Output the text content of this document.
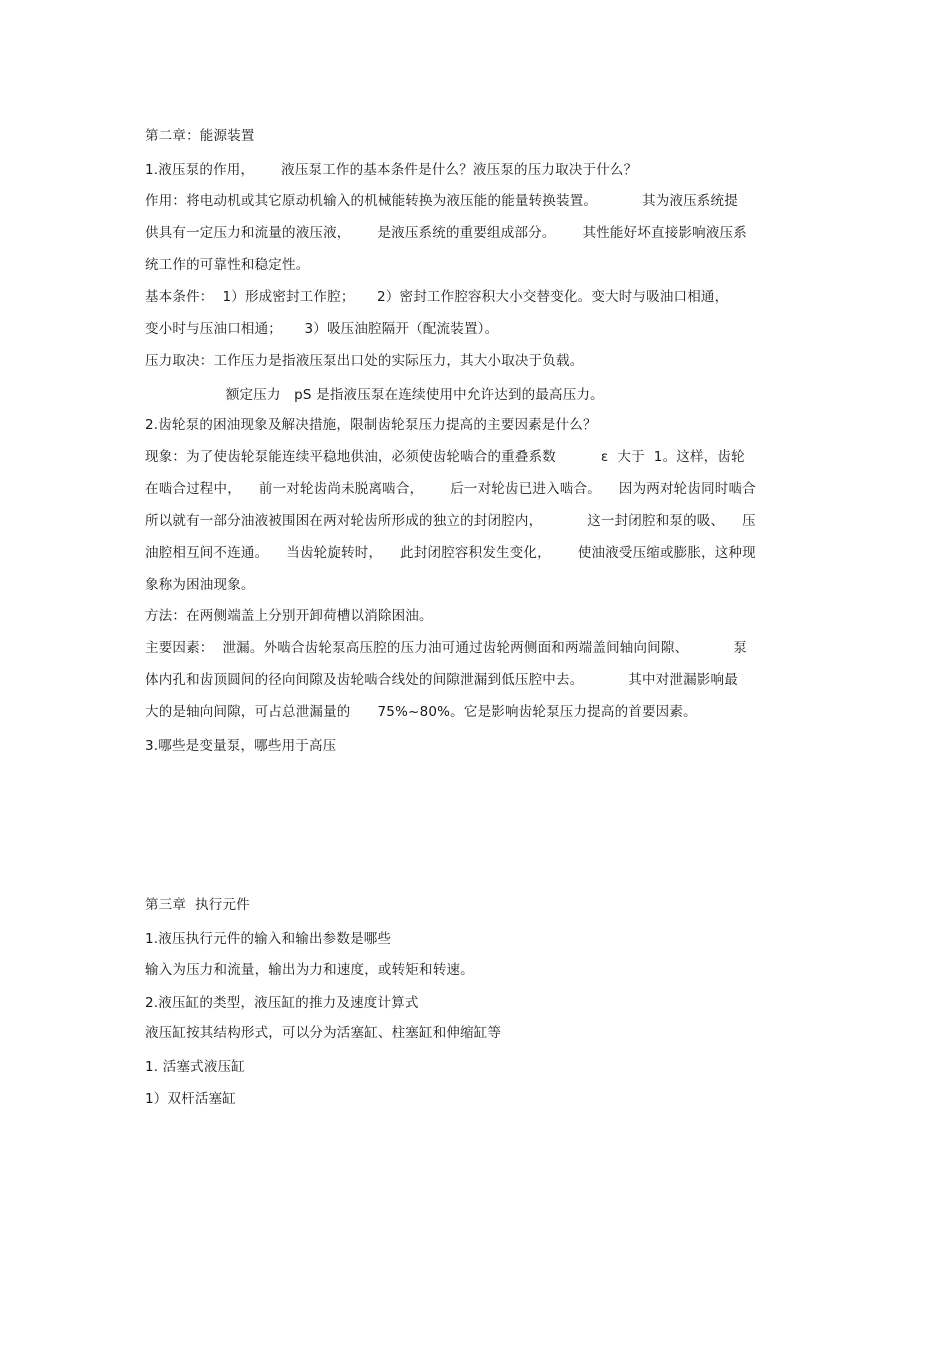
第二章：能源装置
1.液压泵的作用，      液压泵工作的基本条件是什么？液压泵的压力取决于什么？
作用：将电动机或其它原动机输入的机械能转换为液压能的能量转换装置。          其为液压系统提
供具有一定压力和流量的液压液，      是液压系统的重要组成部分。      其性能好坏直接影响液压系
统工作的可靠性和稳定性。
基本条件：  1）形成密封工作腔；     2）密封工作腔容积大小交替变化。变大时与吸油口相通，
变小时与压油口相通；     3）吸压油腔隔开（配流装置）。
压力取决：工作压力是指液压泵出口处的实际压力，其大小取决于负载。
额定压力   pS 是指液压泵在连续使用中允许达到的最高压力。
2.齿轮泵的困油现象及解决措施，限制齿轮泵压力提高的主要因素是什么？
现象：为了使齿轮泵能连续平稳地供油，必须使齿轮啮合的重叠系数          ε  大于  1。这样，齿轮
在啮合过程中，    前一对轮齿尚未脱离啮合，      后一对轮齿已进入啮合。    因为两对轮齿同时啮合
所以就有一部分油液被围困在两对轮齿所形成的独立的封闭腔内，          这一封闭腔和泵的吸、    压
油腔相互间不连通。    当齿轮旋转时，    此封闭腔容积发生变化，      使油液受压缩或膨胀，这种现
象称为困油现象。
方法：在两侧端盖上分别开卸荷槽以消除困油。
主要因素：  泄漏。外啮合齿轮泵高压腔的压力油可通过齿轮两侧面和两端盖间轴向间隙、          泵
体内孔和齿顶圆间的径向间隙及齿轮啮合线处的间隙泄漏到低压腔中去。          其中对泄漏影响最
大的是轴向间隙，可占总泄漏量的      75%~80%。它是影响齿轮泵压力提高的首要因素。
3.哪些是变量泵，哪些用于高压
第三章  执行元件
1.液压执行元件的输入和输出参数是哪些
输入为压力和流量，输出为力和速度，或转矩和转速。
2.液压缸的类型，液压缸的推力及速度计算式
液压缸按其结构形式，可以分为活塞缸、柱塞缸和伸缩缸等
1. 活塞式液压缸
1）双杆活塞缸
